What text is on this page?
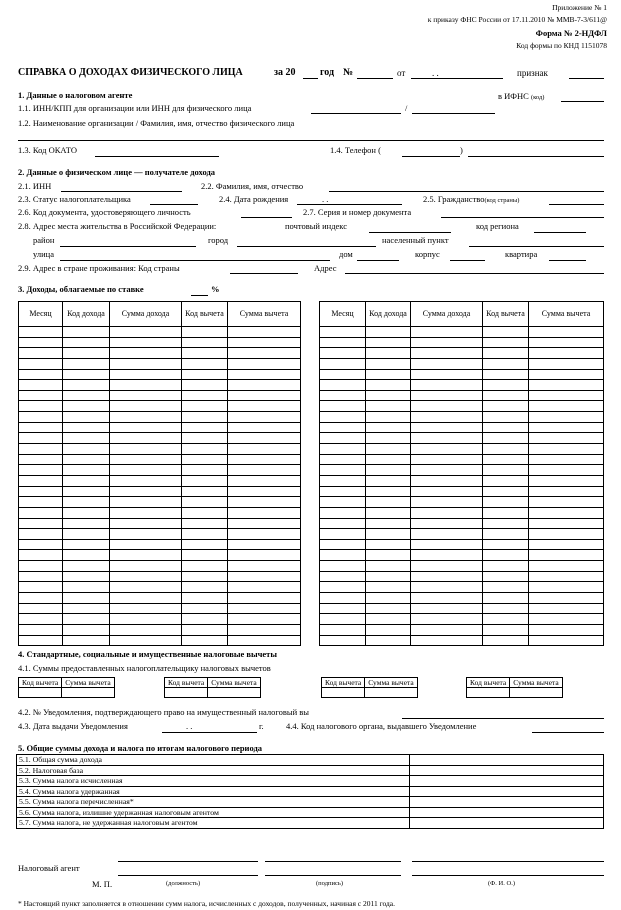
Приложение № 1
к приказу ФНС России от 17.11.2010 № ММВ-7-3/611@
Форма № 2-НДФЛ
Код формы по КНД 1151078
СПРАВКА О ДОХОДАХ ФИЗИЧЕСКОГО ЛИЦА	за 20 год №	от	. .	признак
1. Данные о налоговом агенте	в ИФНС (код)
1.1. ИНН/КПП для организации или ИНН для физического лица	/
1.2. Наименование организации / Фамилия, имя, отчество физического лица
1.3. Код ОКАТО	1.4. Телефон (	)
2. Данные о физическом лице — получателе дохода
2.1. ИНН	2.2. Фамилия, имя, отчество
2.3. Статус налогоплательщика	2.4. Дата рождения	. .	2.5. Гражданство(код страны)
2.6. Код документа, удостоверяющего личность	2.7. Серия и номер документа
2.8. Адрес места жительства в Российской Федерации:	почтовый индекс	код региона
район	город	населенный пункт
улица	дом	корпус	квартира
2.9. Адрес в стране проживания: Код страны	Адрес
3. Доходы, облагаемые по ставке	%
Месяц	Код дохода	Сумма дохода	Код вычета	Сумма вычета

					Месяц	Код дохода	Сумма дохода	Код вычета	Сумма вычета

4. Стандартные, социальные и имущественные налоговые вычеты
4.1. Суммы предоставленных налогоплательщику налоговых вычетов
Код вычета	Сумма вычета
		Код вычета	Сумма вычета
		Код вычета	Сумма вычета
		Код вычета	Сумма вычета

4.2. № Уведомления, подтверждающего право на имущественный налоговый вы
4.3. Дата выдачи Уведомления	. .	г.	4.4. Код налогового органа, выдавшего Уведомление
5. Общие суммы дохода и налога по итогам налогового периода
5.1. Общая сумма дохода	
5.2. Налоговая база	
5.3. Сумма налога исчисленная	
5.4. Сумма налога удержанная	
5.5. Сумма налога перечисленная*	
5.6. Сумма налога, излишне удержанная налоговым агентом	
5.7. Сумма налога, не удержанная налоговым агентом	
Налоговый агент
М. П.	(должность)	(подпись)	(Ф. И. О.)
* Настоящий пункт заполняется в отношении сумм налога, исчисленных с доходов, полученных, начиная с 2011 года.
